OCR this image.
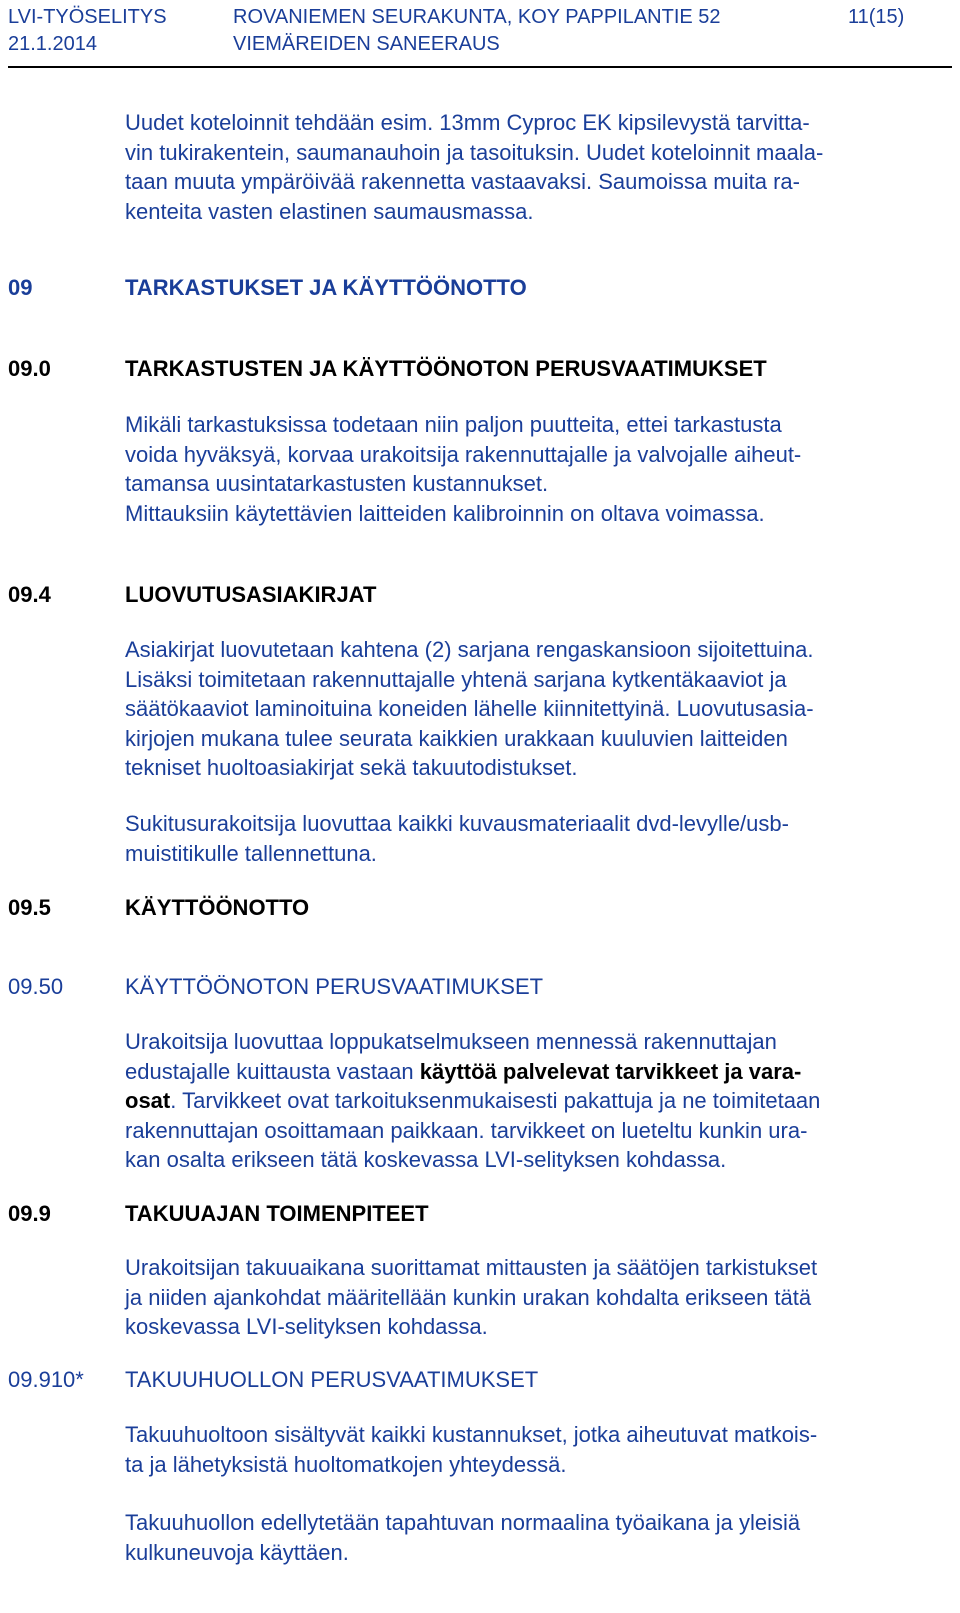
LVI-TYÖSELITYS
21.1.2014
ROVANIEMEN SEURAKUNTA, KOY PAPPILANTIE 52
VIEMÄREIDEN SANEERAUS
11(15)
Uudet koteloinnit tehdään esim. 13mm Cyproc EK kipsilevystä tarvitta-
vin tukirakentein, saumanauhoin ja tasoituksin. Uudet koteloinnit maala-
taan muuta ympäröivää rakennetta vastaavaksi. Saumoissa muita ra-
kenteita vasten elastinen saumausmassa.
09	TARKASTUKSET JA KÄYTTÖÖNOTTO
09.0	TARKASTUSTEN JA KÄYTTÖÖNOTON PERUSVAATIMUKSET
Mikäli tarkastuksissa todetaan niin paljon puutteita, ettei tarkastusta
voida hyväksyä, korvaa urakoitsija rakennuttajalle ja valvojalle aiheut-
tamansa uusintatarkastusten kustannukset.
Mittauksiin käytettävien laitteiden kalibroinnin on oltava voimassa.
09.4	LUOVUTUSASIAKIRJAT
Asiakirjat luovutetaan kahtena (2) sarjana rengaskansioon sijoitettuina.
Lisäksi toimitetaan rakennuttajalle yhtenä sarjana kytkentäkaaviot ja
säätökaaviot laminoituina koneiden lähelle kiinnitettyinä. Luovutusasia-
kirjojen mukana tulee seurata kaikkien urakkaan kuuluvien laitteiden
tekniset huoltoasiakirjat sekä takuutodistukset.
Sukitusurakoitsija luovuttaa kaikki kuvausmateriaalit dvd-levylle/usb-
muistitikulle tallennettuna.
09.5	KÄYTTÖÖNOTTO
09.50	KÄYTTÖÖNOTON PERUSVAATIMUKSET
Urakoitsija luovuttaa loppukatselmukseen mennessä rakennuttajan
edustajalle kuittausta vastaan käyttöä palvelevat tarvikkeet ja vara-
osat. Tarvikkeet ovat tarkoituksenmukaisesti pakattuja ja ne toimitetaan
rakennuttajan osoittamaan paikkaan. tarvikkeet on lueteltu kunkin ura-
kan osalta erikseen tätä koskevassa LVI-selityksen kohdassa.
09.9	TAKUUAJAN TOIMENPITEET
Urakoitsijan takuuaikana suorittamat mittausten ja säätöjen tarkistukset
ja niiden ajankohdat määritellään kunkin urakan kohdalta erikseen tätä
koskevassa LVI-selityksen kohdassa.
09.910* TAKUUHUOLLON PERUSVAATIMUKSET
Takuuhuoltoon sisältyvät kaikki kustannukset, jotka aiheutuvat matkois-
ta ja lähetyksistä huoltomatkojen yhteydessä.
Takuuhuollon edellytetään tapahtuvan normaalina työaikana ja yleisiä
kulkuneuvoja käyttäen.
